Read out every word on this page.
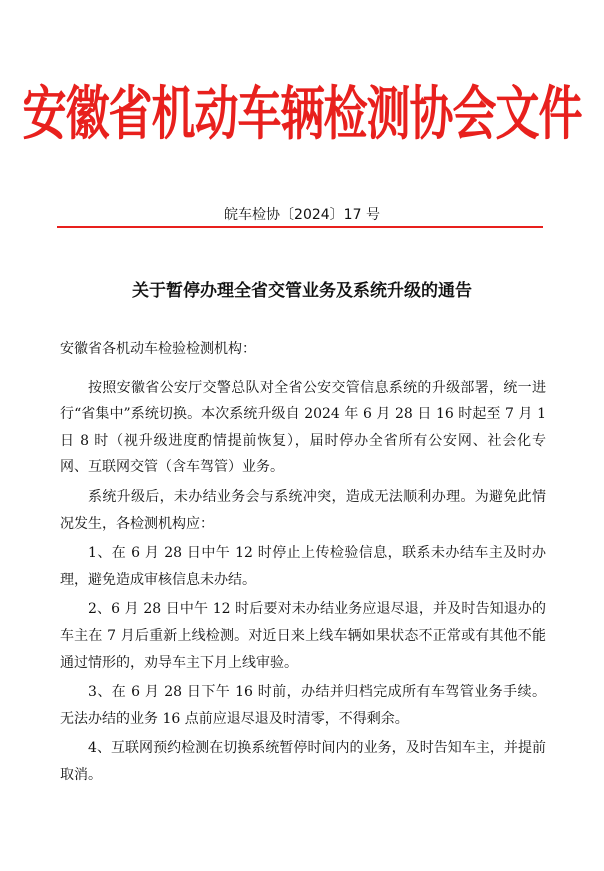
安徽省机动车辆检测协会文件
皖车检协〔2024〕17 号
关于暂停办理全省交管业务及系统升级的通告

安徽省各机动车检验检测机构：

按照安徽省公安厅交警总队对全省公安交管信息系统的升级部署，统一进行“省集中”系统切换。本次系统升级自 2024 年 6 月 28 日 16 时起至 7 月 1 日 8 时（视升级进度酌情提前恢复），届时停办全省所有公安网、社会化专网、互联网交管（含车驾管）业务。

系统升级后，未办结业务会与系统冲突，造成无法顺利办理。为避免此情况发生，各检测机构应：

1、在 6 月 28 日中午 12 时停止上传检验信息，联系未办结车主及时办理，避免造成审核信息未办结。

2、6 月 28 日中午 12 时后要对未办结业务应退尽退，并及时告知退办的车主在 7 月后重新上线检测。对近日来上线车辆如果状态不正常或有其他不能通过情形的，劝导车主下月上线审验。

3、在 6 月 28 日下午 16 时前，办结并归档完成所有车驾管业务手续。无法办结的业务 16 点前应退尽退及时清零，不得剩余。

4、互联网预约检测在切换系统暂停时间内的业务，及时告知车主，并提前取消。
